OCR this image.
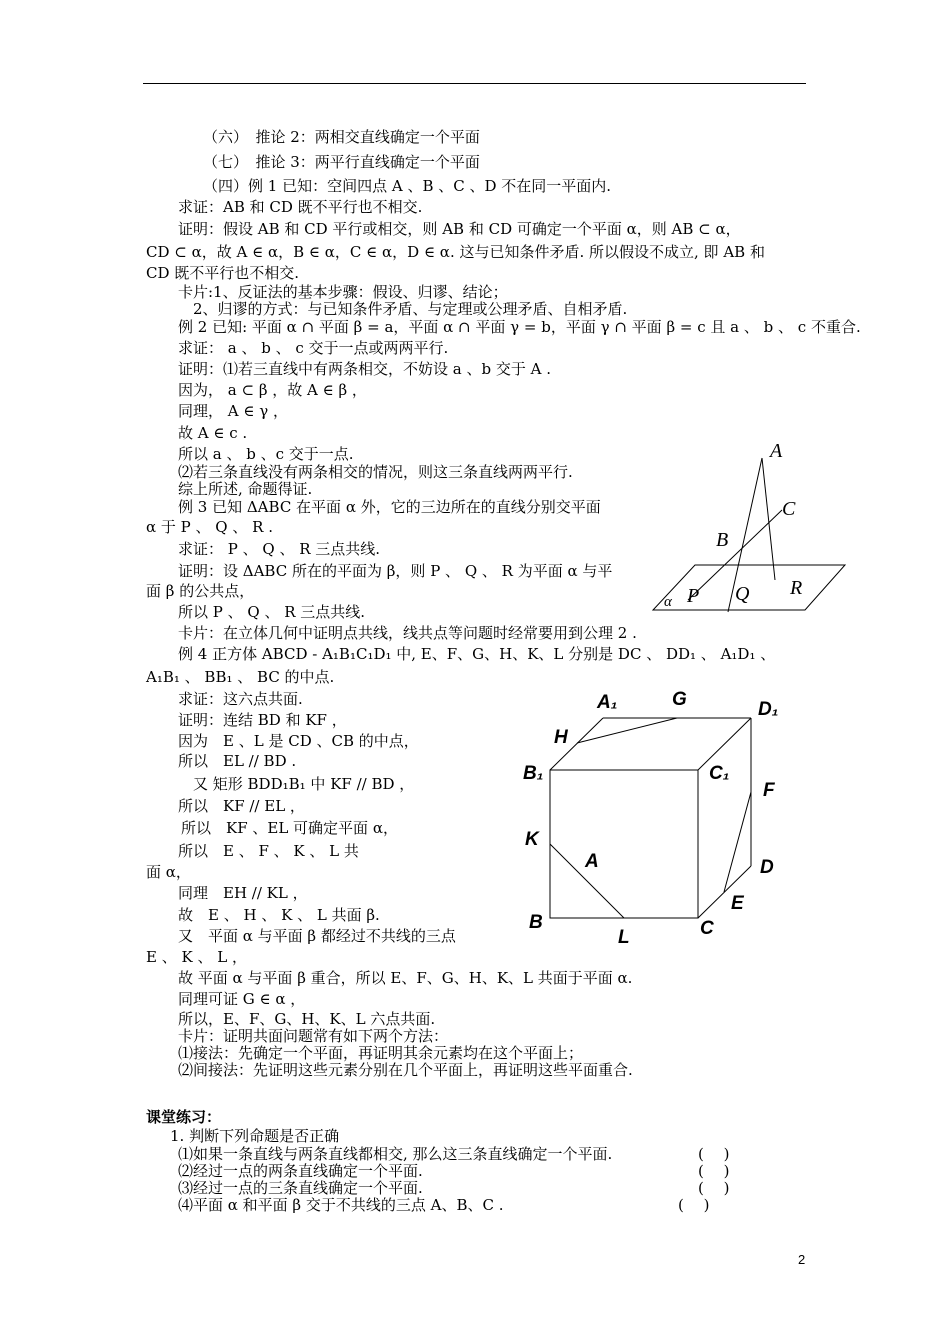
（六）　推论 2：两相交直线确定一个平面
（七）　推论 3：两平行直线确定一个平面
（四）例 1 已知：空间四点 A 、B 、C 、D 不在同一平面内.
求证：AB 和 CD 既不平行也不相交.
证明：假设 AB 和 CD 平行或相交，则 AB 和 CD 可确定一个平面 α，则 AB ⊂ α，
CD ⊂ α，故 A ∈ α，B ∈ α，C ∈ α，D ∈ α. 这与已知条件矛盾. 所以假设不成立, 即 AB 和
CD 既不平行也不相交.
卡片:1、反证法的基本步骤：假设、归谬、结论；
2、归谬的方式：与已知条件矛盾、与定理或公理矛盾、自相矛盾.
例 2 已知: 平面 α ∩ 平面 β = a，平面 α ∩ 平面 γ = b，平面 γ ∩ 平面 β = c 且 a 、 b 、 c 不重合.
求证： a 、 b 、 c 交于一点或两两平行.
证明：⑴若三直线中有两条相交，不妨设 a 、b 交于 A .
因为， a ⊂ β ，故 A ∈ β ，
同理， A ∈ γ ，
故 A ∈ c .
所以 a 、 b 、c 交于一点.
⑵若三条直线没有两条相交的情况，则这三条直线两两平行.
综上所述, 命题得证.
例 3 已知 ΔABC 在平面 α 外，它的三边所在的直线分别交平面
α 于 P 、 Q 、 R .
求证： P 、 Q 、 R 三点共线.
证明：设 ΔABC 所在的平面为 β，则 P 、 Q 、 R 为平面 α 与平
面 β 的公共点，
所以 P 、 Q 、 R 三点共线.
卡片：在立体几何中证明点共线，线共点等问题时经常要用到公理 2 .
例 4 正方体 ABCD - A₁B₁C₁D₁ 中, E、F、G、H、K、L 分别是 DC 、 DD₁ 、 A₁D₁ 、
A₁B₁ 、 BB₁ 、 BC 的中点.
求证：这六点共面.
证明：连结 BD 和 KF ，
因为　E 、L 是 CD 、CB 的中点，
所以　EL // BD .
又 矩形 BDD₁B₁ 中 KF // BD ，
所以　KF // EL ，
所以　KF 、EL 可确定平面 α，
所以　E 、 F 、 K 、 L 共
面 α，
同理　EH // KL ，
故　E 、 H 、 K 、 L 共面 β.
又　平面 α 与平面 β 都经过不共线的三点
E 、 K 、 L ，
故 平面 α 与平面 β 重合，所以 E、F、G、H、K、L 共面于平面 α.
同理可证 G ∈ α ，
所以，E、F、G、H、K、L 六点共面.
卡片：证明共面问题常有如下两个方法：
⑴接法：先确定一个平面，再证明其余元素均在这个平面上；
⑵间接法：先证明这些元素分别在几个平面上，再证明这些平面重合.
课堂练习：
1. 判断下列命题是否正确
⑴如果一条直线与两条直线都相交, 那么这三条直线确定一个平面.	(　 )
⑵经过一点的两条直线确定一个平面.	(　 )
⑶经过一点的三条直线确定一个平面.	(　 )
⑷平面 α 和平面 β 交于不共线的三点 A、B、C .	(　 )
A
C
B
P Q R
α
A₁	G	D₁
H
B₁	C₁
F
K
A	D
E
B
L	C
2
